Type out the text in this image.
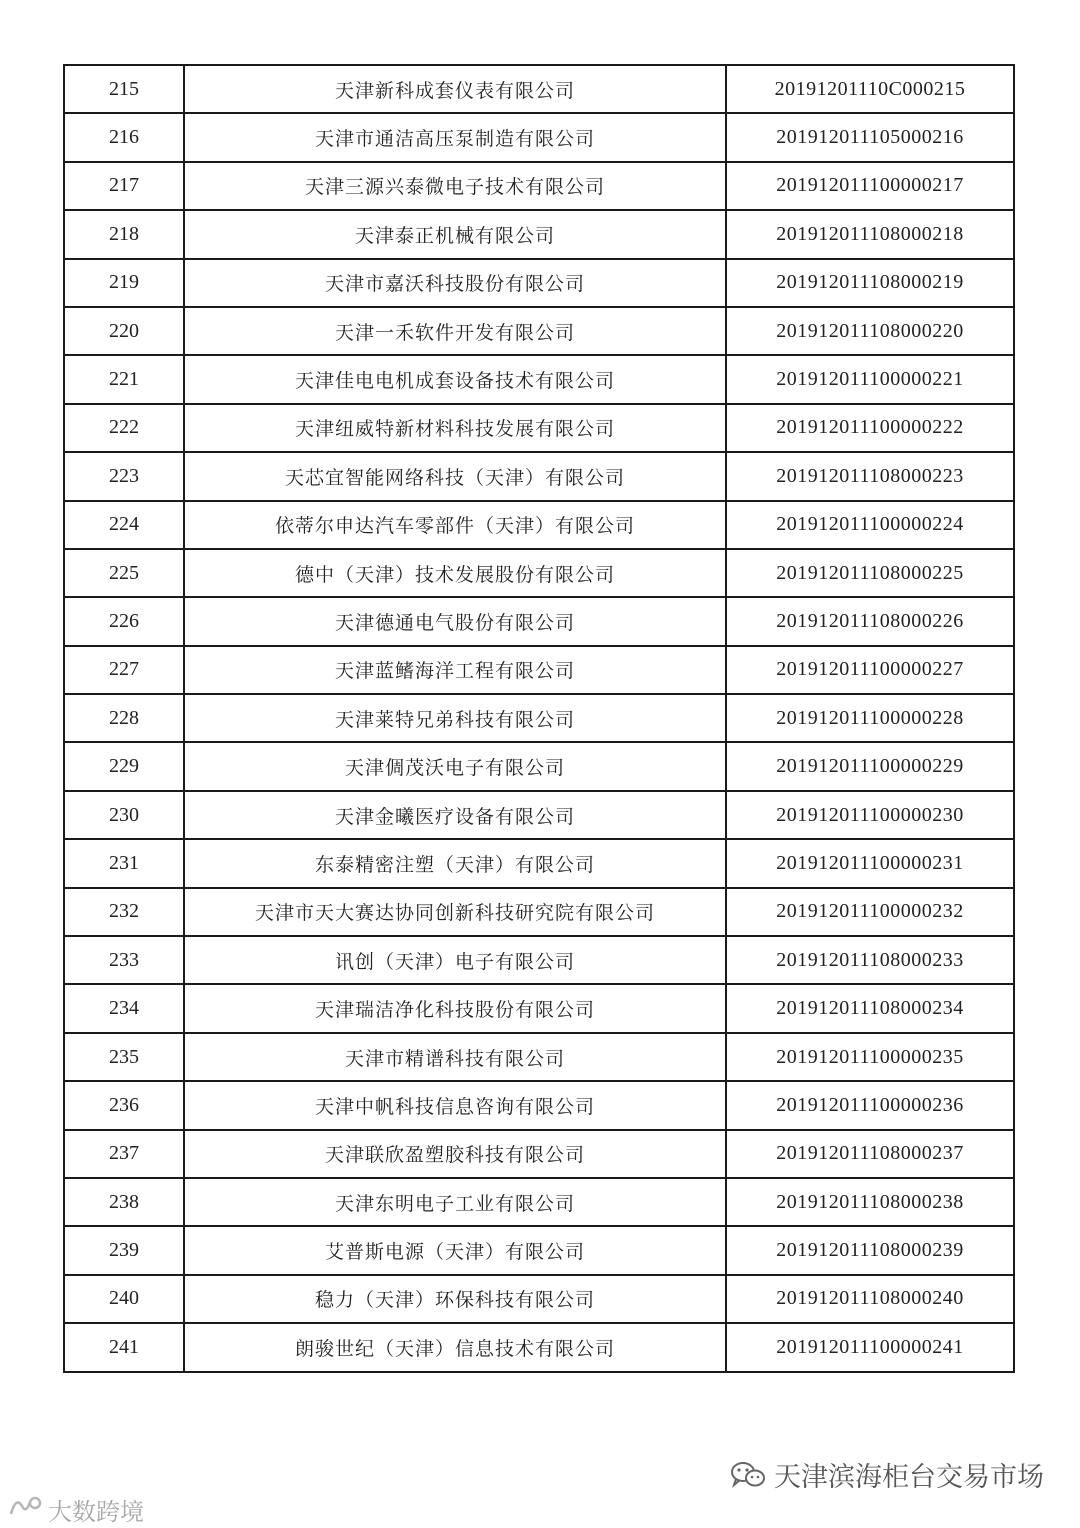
215	天津新科成套仪表有限公司	20191201110C000215
216	天津市通洁高压泵制造有限公司	201912011105000216
217	天津三源兴泰微电子技术有限公司	201912011100000217
218	天津泰正机械有限公司	201912011108000218
219	天津市嘉沃科技股份有限公司	201912011108000219
220	天津一禾软件开发有限公司	201912011108000220
221	天津佳电电机成套设备技术有限公司	201912011100000221
222	天津纽威特新材料科技发展有限公司	201912011100000222
223	天芯宜智能网络科技（天津）有限公司	201912011108000223
224	依蒂尔申达汽车零部件（天津）有限公司	201912011100000224
225	德中（天津）技术发展股份有限公司	201912011108000225
226	天津德通电气股份有限公司	201912011108000226
227	天津蓝鳍海洋工程有限公司	201912011100000227
228	天津莱特兄弟科技有限公司	201912011100000228
229	天津倜茂沃电子有限公司	201912011100000229
230	天津金曦医疗设备有限公司	201912011100000230
231	东泰精密注塑（天津）有限公司	201912011100000231
232	天津市天大赛达协同创新科技研究院有限公司	201912011100000232
233	讯创（天津）电子有限公司	201912011108000233
234	天津瑞洁净化科技股份有限公司	201912011108000234
235	天津市精谱科技有限公司	201912011100000235
236	天津中帆科技信息咨询有限公司	201912011100000236
237	天津联欣盈塑胶科技有限公司	201912011108000237
238	天津东明电子工业有限公司	201912011108000238
239	艾普斯电源（天津）有限公司	201912011108000239
240	稳力（天津）环保科技有限公司	201912011108000240
241	朗骏世纪（天津）信息技术有限公司	201912011100000241
天津滨海柜台交易市场
大数跨境
